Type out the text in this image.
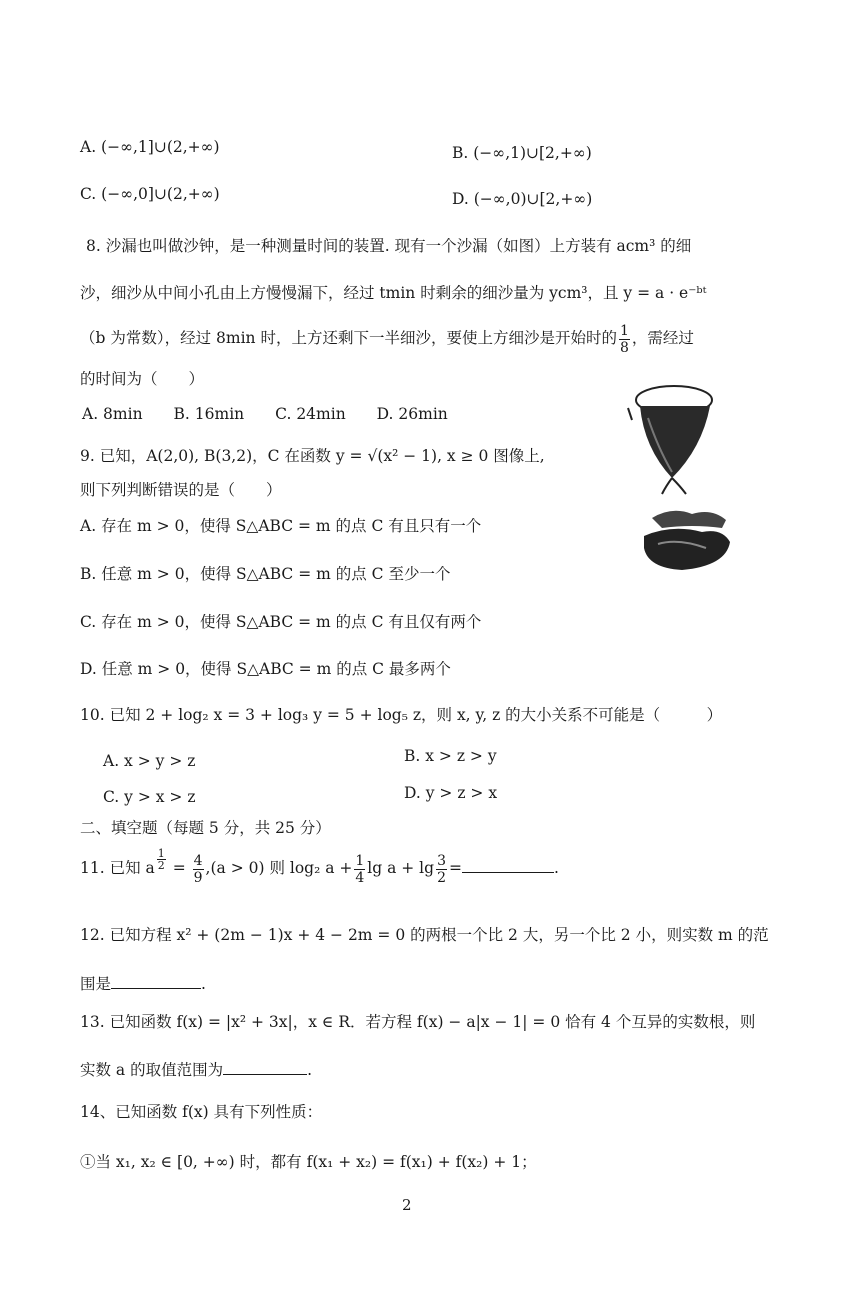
A. (−∞,1]∪(2,+∞)	B. (−∞,1)∪[2,+∞)
C. (−∞,0]∪(2,+∞)	D. (−∞,0)∪[2,+∞)
8. 沙漏也叫做沙钟，是一种测量时间的装置. 现有一个沙漏（如图）上方装有 acm³ 的细
沙，细沙从中间小孔由上方慢慢漏下，经过 tmin 时剩余的细沙量为 ycm³，且 y = a · e⁻ᵇᵗ
（b 为常数），经过 8min 时，上方还剩下一半细沙，要使上方细沙是开始时的 $\frac{1}{8}$ ，需经过
的时间为（　　）
A. 8min　　B. 16min　　C. 24min　　D. 26min
9. 已知，A(2,0), B(3,2)，C 在函数 y = √(x² − 1), x ≥ 0 图像上,
则下列判断错误的是（　　）
A. 存在 m > 0，使得 S△ABC = m 的点 C 有且只有一个
B. 任意 m > 0，使得 S△ABC = m 的点 C 至少一个
C. 存在 m > 0，使得 S△ABC = m 的点 C 有且仅有两个
D. 任意 m > 0，使得 S△ABC = m 的点 C 最多两个
10. 已知 2 + log₂ x = 3 + log₃ y = 5 + log₅ z，则 x, y, z 的大小关系不可能是（　　　）
A. x > y > z	B. x > z > y
C. y > x > z	D. y > z > x
二、填空题（每题 5 分，共 25 分）
11. 已知 a $^{\frac{1}{2}} = \frac{4}{9} ,(a > 0)$ 则 log₂ $a + \frac{1}{4}$ $\lg a + \lg \frac{3}{2}$ =	.
12. 已知方程 x² + (2m − 1)x + 4 − 2m = 0 的两根一个比 2 大，另一个比 2 小，则实数 m 的范
围是	.
13. 已知函数 f(x) = |x² + 3x|，x ∈ R．若方程 f(x) − a|x − 1| = 0 恰有 4 个互异的实数根，则
实数 a 的取值范围为	.
14、已知函数 f(x) 具有下列性质：
①当 x₁, x₂ ∈ [0, +∞) 时，都有 f(x₁ + x₂) = f(x₁) + f(x₂) + 1；
2
